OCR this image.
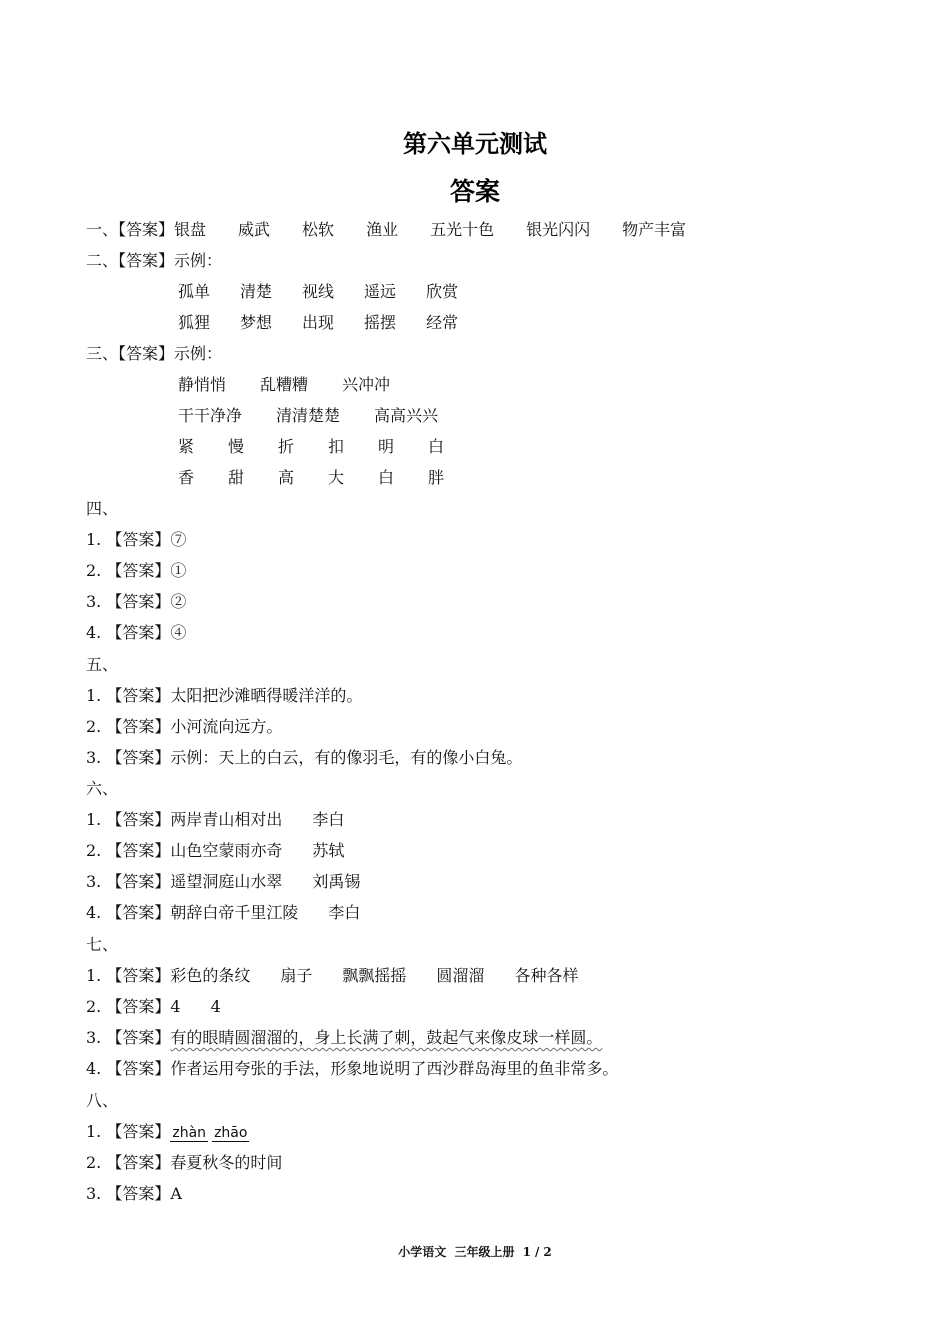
第六单元测试
答案
一、【答案】银盘 威武 松软 渔业 五光十色 银光闪闪 物产丰富
二、【答案】示例：
孤单 清楚 视线 遥远 欣赏
狐狸 梦想 出现 摇摆 经常
三、【答案】示例：
静悄悄 乱糟糟 兴冲冲
干干净净 清清楚楚 高高兴兴
紧 慢 折 扣 明 白
香 甜 高 大 白 胖
四、
1. 【答案】⑦
2. 【答案】①
3. 【答案】②
4. 【答案】④
五、
1. 【答案】太阳把沙滩晒得暖洋洋的。
2. 【答案】小河流向远方。
3. 【答案】示例：天上的白云，有的像羽毛，有的像小白兔。
六、
1. 【答案】两岸青山相对出 李白
2. 【答案】山色空蒙雨亦奇 苏轼
3. 【答案】遥望洞庭山水翠 刘禹锡
4. 【答案】朝辞白帝千里江陵 李白
七、
1. 【答案】彩色的条纹 扇子 飘飘摇摇 圆溜溜 各种各样
2. 【答案】4 4
3. 【答案】有的眼睛圆溜溜的，身上长满了刺，鼓起气来像皮球一样圆。
4. 【答案】作者运用夸张的手法，形象地说明了西沙群岛海里的鱼非常多。
八、
1. 【答案】 zhàn zhāo
2. 【答案】春夏秋冬的时间
3. 【答案】A
小学语文 三年级上册 1 / 2
